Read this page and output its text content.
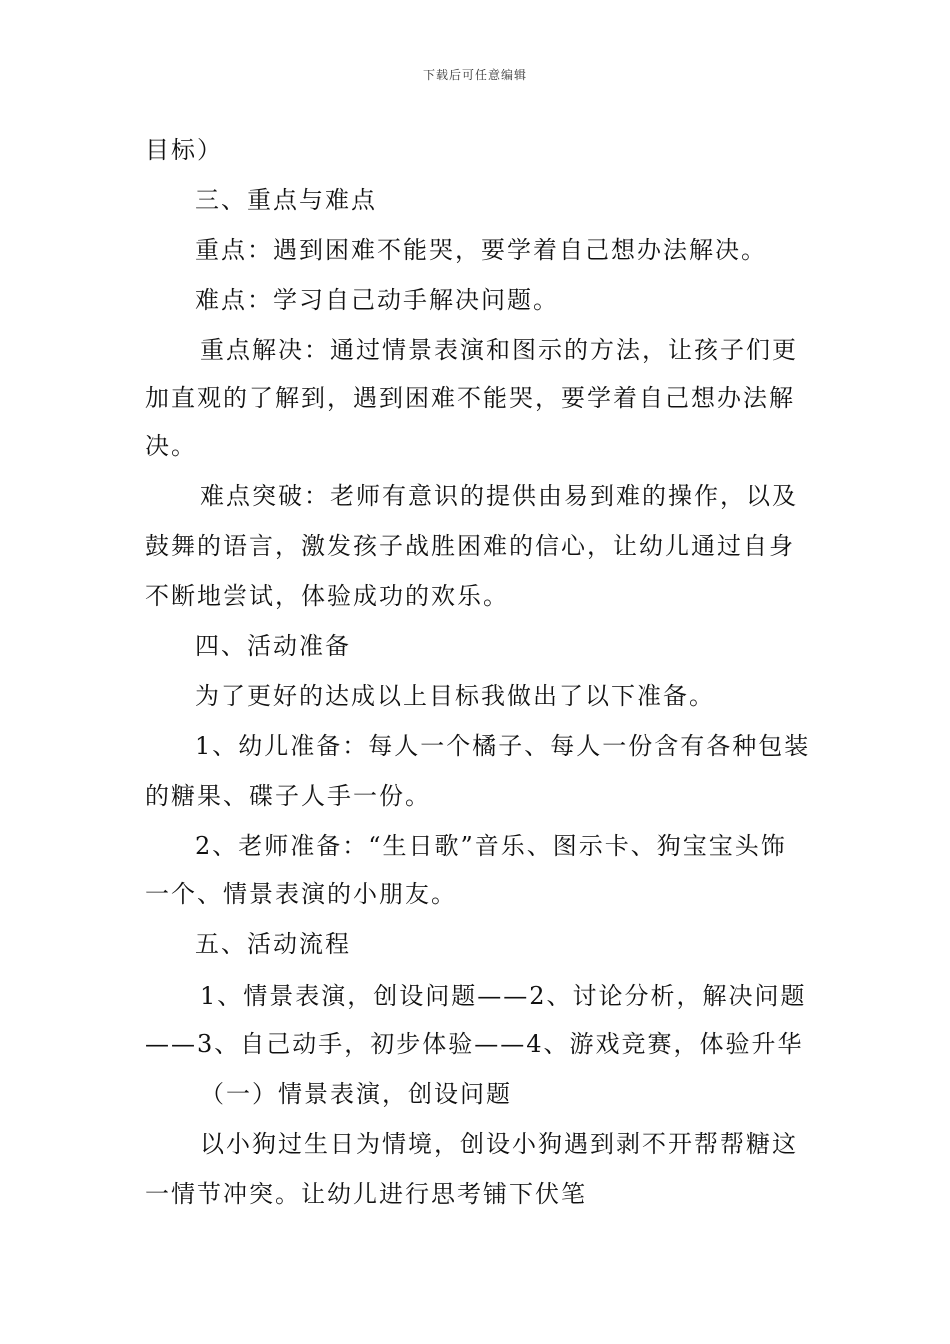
下载后可任意编辑
目标）
三、重点与难点
重点：遇到困难不能哭，要学着自己想办法解决。
难点：学习自己动手解决问题。
重点解决：通过情景表演和图示的方法，让孩子们更
加直观的了解到，遇到困难不能哭，要学着自己想办法解
决。
难点突破：老师有意识的提供由易到难的操作，以及
鼓舞的语言，激发孩子战胜困难的信心，让幼儿通过自身
不断地尝试，体验成功的欢乐。
四、活动准备
为了更好的达成以上目标我做出了以下准备。
1、幼儿准备：每人一个橘子、每人一份含有各种包装
的糖果、碟子人手一份。
2、老师准备：“生日歌”音乐、图示卡、狗宝宝头饰
一个、情景表演的小朋友。
五、活动流程
1、情景表演，创设问题——2、讨论分析，解决问题
——3、自己动手，初步体验——4、游戏竞赛，体验升华
（一）情景表演，创设问题
以小狗过生日为情境，创设小狗遇到剥不开帮帮糖这
一情节冲突。让幼儿进行思考铺下伏笔
